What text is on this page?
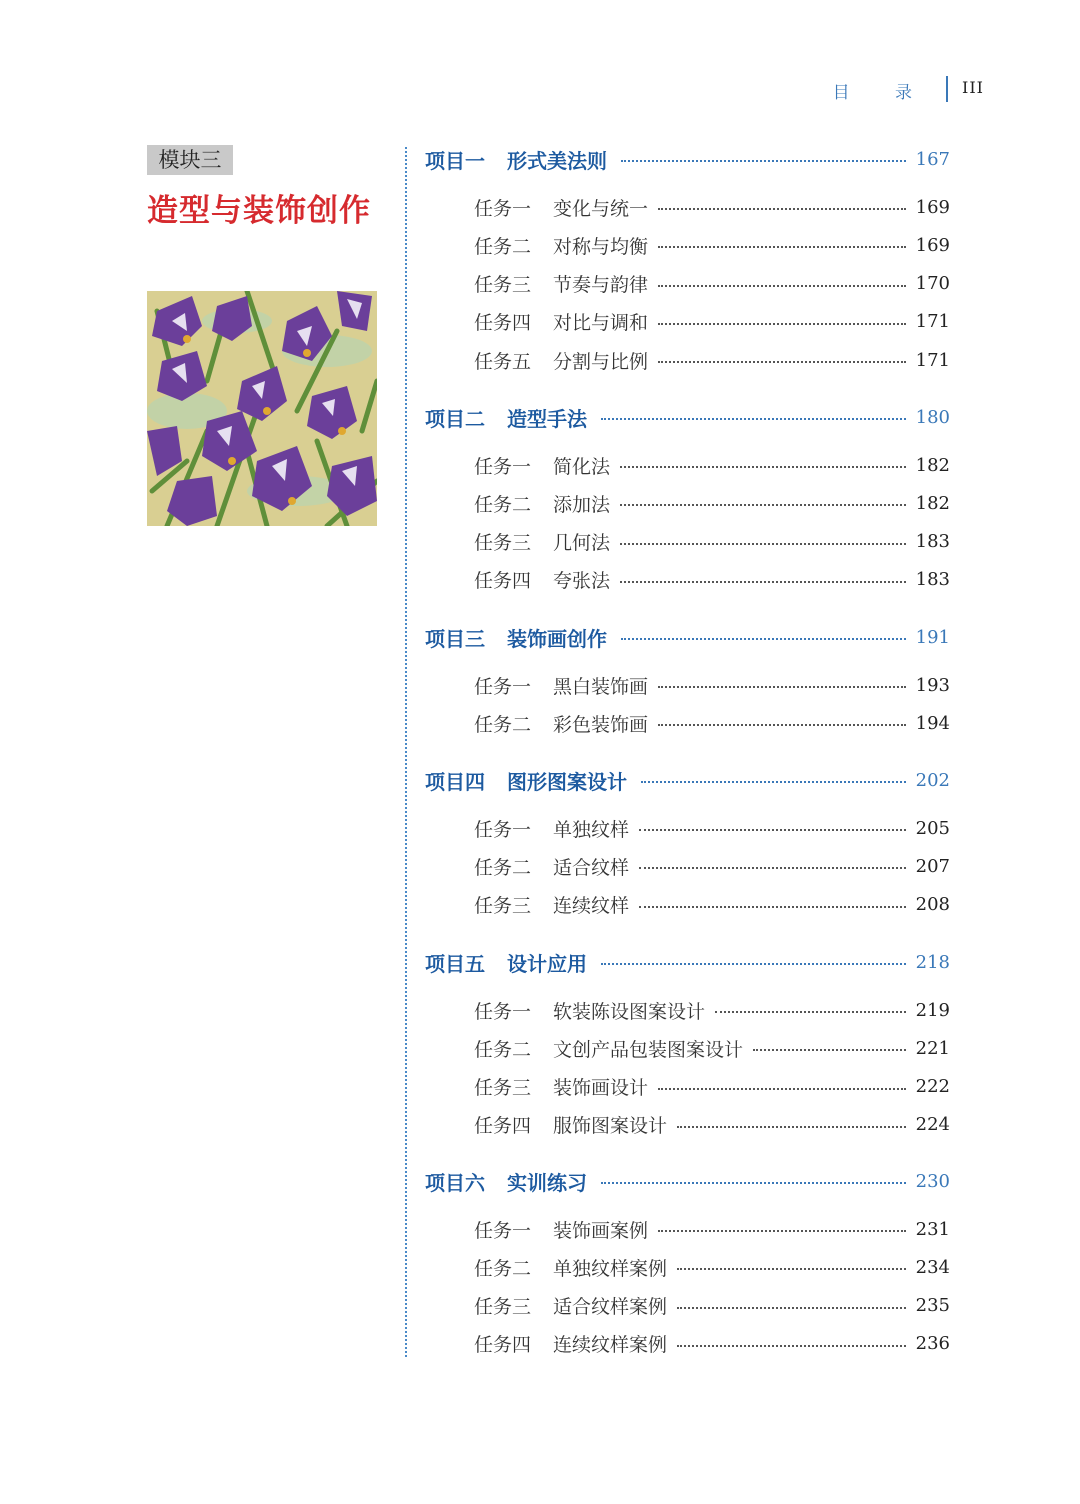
目 录 III
模块三
造型与装饰创作
项目一 形式美法则	167
任务一 变化与统一	169
任务二 对称与均衡	169
任务三 节奏与韵律	170
任务四 对比与调和	171
任务五 分割与比例	171
项目二 造型手法	180
任务一 简化法	182
任务二 添加法	182
任务三 几何法	183
任务四 夸张法	183
项目三 装饰画创作	191
任务一 黑白装饰画	193
任务二 彩色装饰画	194
项目四 图形图案设计	202
任务一 单独纹样	205
任务二 适合纹样	207
任务三 连续纹样	208
项目五 设计应用	218
任务一 软装陈设图案设计	219
任务二 文创产品包装图案设计	221
任务三 装饰画设计	222
任务四 服饰图案设计	224
项目六 实训练习	230
任务一 装饰画案例	231
任务二 单独纹样案例	234
任务三 适合纹样案例	235
任务四 连续纹样案例	236
